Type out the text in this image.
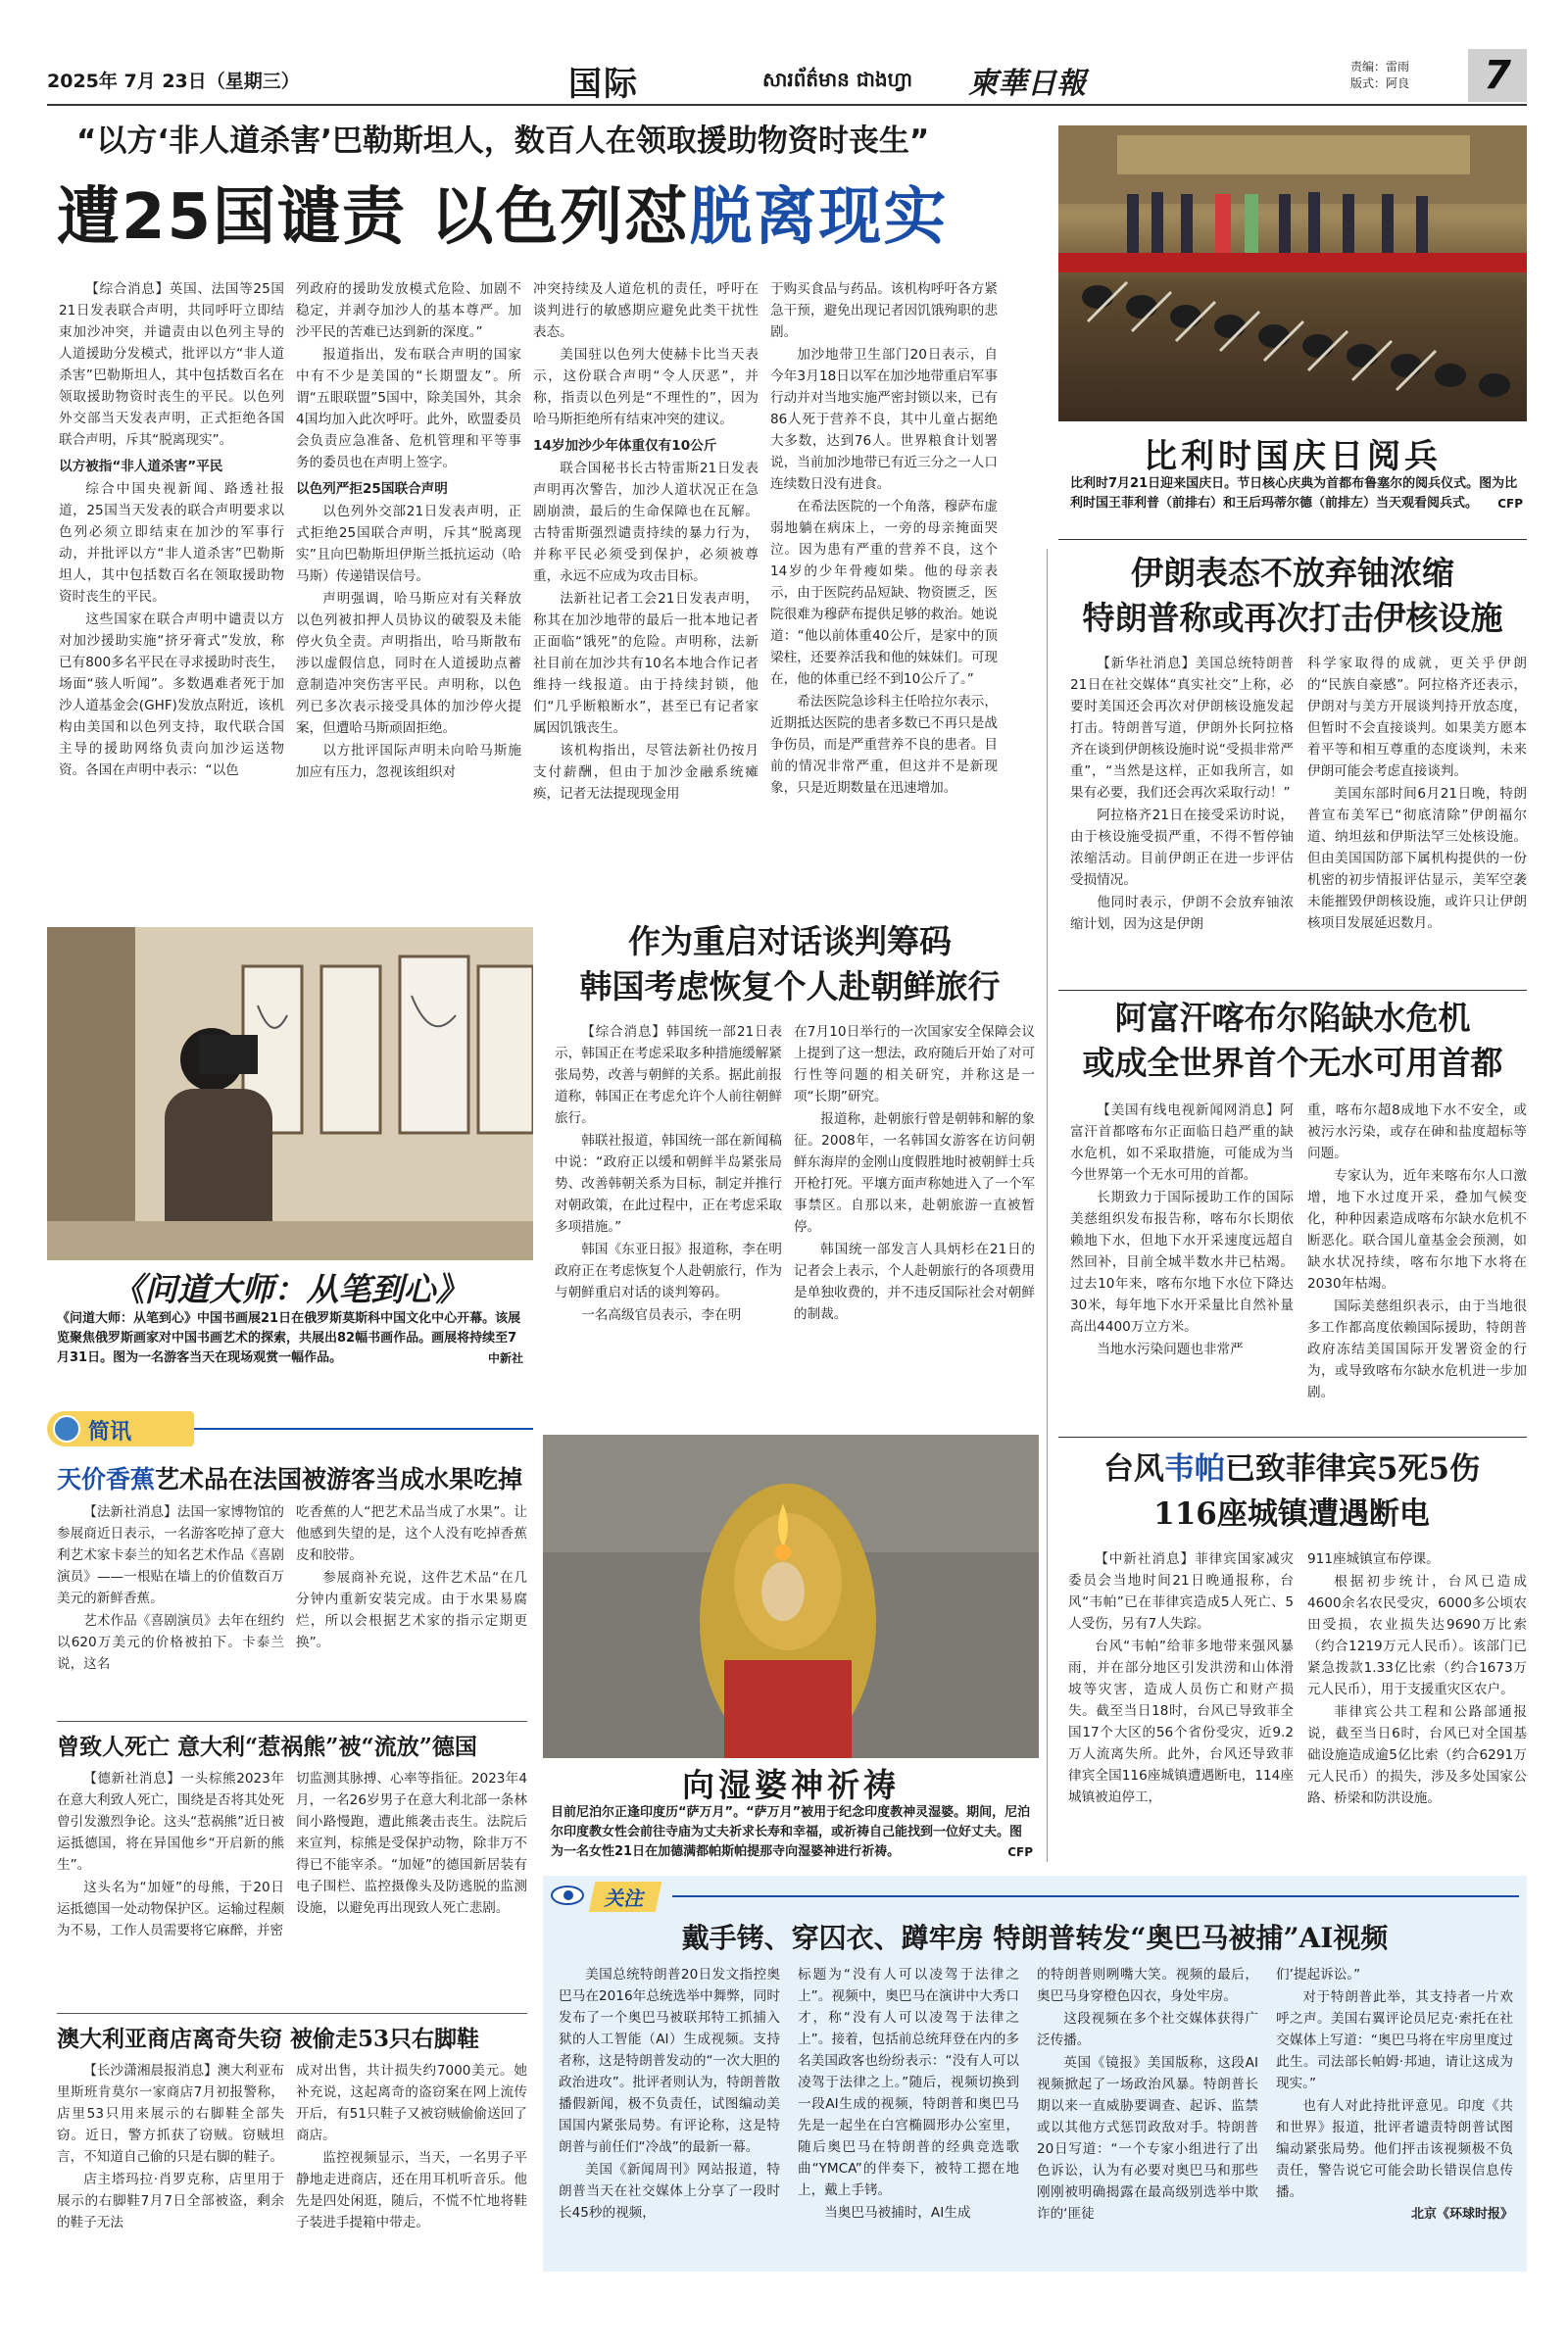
2025年 7月 23日（星期三）	国际	សារព័ត៌មាន ជាងហ្វា 柬華日報	责编：雷雨
版式：阿良	7
“以方‘非人道杀害’巴勒斯坦人，数百人在领取援助物资时丧生”
遭25国谴责 以色列怼脱离现实

【综合消息】英国、法国等25国21日发表联合声明，共同呼吁立即结束加沙冲突，并谴责由以色列主导的人道援助分发模式，批评以方“非人道杀害”巴勒斯坦人，其中包括数百名在领取援助物资时丧生的平民。以色列外交部当天发表声明，正式拒绝各国联合声明，斥其“脱离现实”。

以方被指“非人道杀害”平民

综合中国央视新闻、路透社报道，25国当天发表的联合声明要求以色列必须立即结束在加沙的军事行动，并批评以方“非人道杀害”巴勒斯坦人，其中包括数百名在领取援助物资时丧生的平民。

这些国家在联合声明中谴责以方对加沙援助实施“挤牙膏式”发放，称已有800多名平民在寻求援助时丧生，场面“骇人听闻”。多数遇难者死于加沙人道基金会(GHF)发放点附近，该机构由美国和以色列支持，取代联合国主导的援助网络负责向加沙运送物资。各国在声明中表示：“以色

列政府的援助发放模式危险、加剧不稳定，并剥夺加沙人的基本尊严。加沙平民的苦难已达到新的深度。”

报道指出，发布联合声明的国家中有不少是美国的“长期盟友”。所谓“五眼联盟”5国中，除美国外，其余4国均加入此次呼吁。此外，欧盟委员会负责应急准备、危机管理和平等事务的委员也在声明上签字。

以色列严拒25国联合声明

以色列外交部21日发表声明，正式拒绝25国联合声明，斥其“脱离现实”且向巴勒斯坦伊斯兰抵抗运动（哈马斯）传递错误信号。

声明强调，哈马斯应对有关释放以色列被扣押人员协议的破裂及未能停火负全责。声明指出，哈马斯散布涉以虚假信息，同时在人道援助点蓄意制造冲突伤害平民。声明称，以色列已多次表示接受具体的加沙停火提案，但遭哈马斯顽固拒绝。

以方批评国际声明未向哈马斯施加应有压力，忽视该组织对

冲突持续及人道危机的责任，呼吁在谈判进行的敏感期应避免此类干扰性表态。

美国驻以色列大使赫卡比当天表示，这份联合声明“令人厌恶”，并称，指责以色列是“不理性的”，因为哈马斯拒绝所有结束冲突的建议。

14岁加沙少年体重仅有10公斤

联合国秘书长古特雷斯21日发表声明再次警告，加沙人道状况正在急剧崩溃，最后的生命保障也在瓦解。古特雷斯强烈谴责持续的暴力行为，并称平民必须受到保护，必须被尊重，永远不应成为攻击目标。

法新社记者工会21日发表声明，称其在加沙地带的最后一批本地记者正面临“饿死”的危险。声明称，法新社目前在加沙共有10名本地合作记者维持一线报道。由于持续封锁，他们“几乎断粮断水”，甚至已有记者家属因饥饿丧生。

该机构指出，尽管法新社仍按月支付薪酬，但由于加沙金融系统瘫痪，记者无法提现现金用

于购买食品与药品。该机构呼吁各方紧急干预，避免出现记者因饥饿殉职的悲剧。

加沙地带卫生部门20日表示，自今年3月18日以军在加沙地带重启军事行动并对当地实施严密封锁以来，已有86人死于营养不良，其中儿童占据绝大多数，达到76人。世界粮食计划署说，当前加沙地带已有近三分之一人口连续数日没有进食。

在希法医院的一个角落，穆萨布虚弱地躺在病床上，一旁的母亲掩面哭泣。因为患有严重的营养不良，这个14岁的少年骨瘦如柴。他的母亲表示，由于医院药品短缺、物资匮乏，医院很难为穆萨布提供足够的救治。她说道：“他以前体重40公斤，是家中的顶梁柱，还要养活我和他的妹妹们。可现在，他的体重已经不到10公斤了。”

希法医院急诊科主任哈拉尔表示，近期抵达医院的患者多数已不再只是战争伤员，而是严重营养不良的患者。目前的情况非常严重，但这并不是新现象，只是近期数量在迅速增加。

比利时国庆日阅兵
比利时7月21日迎来国庆日。节日核心庆典为首都布鲁塞尔的阅兵仪式。图为比利时国王菲利普（前排右）和王后玛蒂尔德（前排左）当天观看阅兵式。 CFP
伊朗表态不放弃铀浓缩
特朗普称或再次打击伊核设施

【新华社消息】美国总统特朗普21日在社交媒体“真实社交”上称，必要时美国还会再次对伊朗核设施发起打击。特朗普写道，伊朗外长阿拉格齐在谈到伊朗核设施时说“受损非常严重”，“当然是这样，正如我所言，如果有必要，我们还会再次采取行动！”

阿拉格齐21日在接受采访时说，由于核设施受损严重，不得不暂停铀浓缩活动。目前伊朗正在进一步评估受损情况。

他同时表示，伊朗不会放弃铀浓缩计划，因为这是伊朗

科学家取得的成就，更关乎伊朗的“民族自豪感”。阿拉格齐还表示，伊朗对与美方开展谈判持开放态度，但暂时不会直接谈判。如果美方愿本着平等和相互尊重的态度谈判，未来伊朗可能会考虑直接谈判。

美国东部时间6月21日晚，特朗普宣布美军已“彻底清除”伊朗福尔道、纳坦兹和伊斯法罕三处核设施。但由美国国防部下属机构提供的一份机密的初步情报评估显示，美军空袭未能摧毁伊朗核设施，或许只让伊朗核项目发展延迟数月。

《问道大师：从笔到心》
《问道大师：从笔到心》中国书画展21日在俄罗斯莫斯科中国文化中心开幕。该展览聚焦俄罗斯画家对中国书画艺术的探索，共展出82幅书画作品。画展将持续至7月31日。图为一名游客当天在现场观赏一幅作品。	中新社
作为重启对话谈判筹码
韩国考虑恢复个人赴朝鲜旅行

【综合消息】韩国统一部21日表示，韩国正在考虑采取多种措施缓解紧张局势，改善与朝鲜的关系。据此前报道称，韩国正在考虑允许个人前往朝鲜旅行。

韩联社报道，韩国统一部在新闻稿中说：“政府正以缓和朝鲜半岛紧张局势、改善韩朝关系为目标，制定并推行对朝政策，在此过程中，正在考虑采取多项措施。”

韩国《东亚日报》报道称，李在明政府正在考虑恢复个人赴朝旅行，作为与朝鲜重启对话的谈判筹码。

一名高级官员表示，李在明

在7月10日举行的一次国家安全保障会议上提到了这一想法，政府随后开始了对可行性等问题的相关研究，并称这是一项“长期”研究。

报道称，赴朝旅行曾是朝韩和解的象征。2008年，一名韩国女游客在访问朝鲜东海岸的金刚山度假胜地时被朝鲜士兵开枪打死。平壤方面声称她进入了一个军事禁区。自那以来，赴朝旅游一直被暂停。

韩国统一部发言人具炳杉在21日的记者会上表示，个人赴朝旅行的各项费用是单独收费的，并不违反国际社会对朝鲜的制裁。

阿富汗喀布尔陷缺水危机
或成全世界首个无水可用首都

【美国有线电视新闻网消息】阿富汗首都喀布尔正面临日趋严重的缺水危机，如不采取措施，可能成为当今世界第一个无水可用的首都。

长期致力于国际援助工作的国际美慈组织发布报告称，喀布尔长期依赖地下水，但地下水开采速度远超自然回补，目前全城半数水井已枯竭。过去10年来，喀布尔地下水位下降达30米，每年地下水开采量比自然补量高出4400万立方米。

当地水污染问题也非常严

重，喀布尔超8成地下水不安全，或被污水污染，或存在砷和盐度超标等问题。

专家认为，近年来喀布尔人口激增，地下水过度开采，叠加气候变化，种种因素造成喀布尔缺水危机不断恶化。联合国儿童基金会预测，如缺水状况持续，喀布尔地下水将在2030年枯竭。

国际美慈组织表示，由于当地很多工作都高度依赖国际援助，特朗普政府冻结美国国际开发署资金的行为，或导致喀布尔缺水危机进一步加剧。

简讯
天价香蕉艺术品在法国被游客当成水果吃掉

【法新社消息】法国一家博物馆的参展商近日表示，一名游客吃掉了意大利艺术家卡泰兰的知名艺术作品《喜剧演员》——一根贴在墙上的价值数百万美元的新鲜香蕉。

艺术作品《喜剧演员》去年在纽约以620万美元的价格被拍下。卡泰兰说，这名

吃香蕉的人“把艺术品当成了水果”。让他感到失望的是，这个人没有吃掉香蕉皮和胶带。

参展商补充说，这件艺术品“在几分钟内重新安装完成。由于水果易腐烂，所以会根据艺术家的指示定期更换”。

曾致人死亡 意大利“惹祸熊”被“流放”德国

【德新社消息】一头棕熊2023年在意大利致人死亡，围绕是否将其处死曾引发激烈争论。这头“惹祸熊”近日被运抵德国，将在异国他乡“开启新的熊生”。

这头名为“加娅”的母熊，于20日运抵德国一处动物保护区。运输过程颇为不易，工作人员需要将它麻醉，并密

切监测其脉搏、心率等指征。2023年4月，一名26岁男子在意大利北部一条林间小路慢跑，遭此熊袭击丧生。法院后来宣判，棕熊是受保护动物，除非万不得已不能宰杀。“加娅”的德国新居装有电子围栏、监控摄像头及防逃脱的监测设施，以避免再出现致人死亡悲剧。

澳大利亚商店离奇失窃 被偷走53只右脚鞋

【长沙潇湘晨报消息】澳大利亚布里斯班肯莫尔一家商店7月初报警称，店里53只用来展示的右脚鞋全部失窃。近日，警方抓获了窃贼。窃贼坦言，不知道自己偷的只是右脚的鞋子。

店主塔玛拉·肖罗克称，店里用于展示的右脚鞋7月7日全部被盗，剩余的鞋子无法

成对出售，共计损失约7000美元。她补充说，这起离奇的盗窃案在网上流传开后，有51只鞋子又被窃贼偷偷送回了商店。

监控视频显示，当天，一名男子平静地走进商店，还在用耳机听音乐。他先是四处闲逛，随后，不慌不忙地将鞋子装进手提箱中带走。

向湿婆神祈祷
目前尼泊尔正逢印度历“萨万月”。“萨万月”被用于纪念印度教神灵湿婆。期间，尼泊尔印度教女性会前往寺庙为丈夫祈求长寿和幸福，或祈祷自己能找到一位好丈夫。图为一名女性21日在加德满都帕斯帕提那寺向湿婆神进行祈祷。	CFP
台风韦帕已致菲律宾5死5伤
116座城镇遭遇断电

【中新社消息】菲律宾国家减灾委员会当地时间21日晚通报称，台风“韦帕”已在菲律宾造成5人死亡、5人受伤，另有7人失踪。

台风“韦帕”给菲多地带来强风暴雨，并在部分地区引发洪涝和山体滑坡等灾害，造成人员伤亡和财产损失。截至当日18时，台风已导致菲全国17个大区的56个省份受灾，近9.2万人流离失所。此外，台风还导致菲律宾全国116座城镇遭遇断电，114座城镇被迫停工，

911座城镇宣布停课。

根据初步统计，台风已造成4600余名农民受灾，6000多公顷农田受损，农业损失达9690万比索（约合1219万元人民币）。该部门已紧急拨款1.33亿比索（约合1673万元人民币），用于支援重灾区农户。

菲律宾公共工程和公路部通报说，截至当日6时，台风已对全国基础设施造成逾5亿比索（约合6291万元人民币）的损失，涉及多处国家公路、桥梁和防洪设施。

关注
戴手铐、穿囚衣、蹲牢房 特朗普转发“奥巴马被捕”AI视频

美国总统特朗普20日发文指控奥巴马在2016年总统选举中舞弊，同时发布了一个奥巴马被联邦特工抓捕入狱的人工智能（AI）生成视频。支持者称，这是特朗普发动的“一次大胆的政治进攻”。批评者则认为，特朗普散播假新闻，极不负责任，试图编动美国国内紧张局势。有评论称，这是特朗普与前任们“冷战”的最新一幕。

美国《新闻周刊》网站报道，特朗普当天在社交媒体上分享了一段时长45秒的视频，

标题为“没有人可以凌驾于法律之上”。视频中，奥巴马在演讲中大秀口才，称“没有人可以凌驾于法律之上”。接着，包括前总统拜登在内的多名美国政客也纷纷表示：“没有人可以凌驾于法律之上。”随后，视频切换到一段AI生成的视频，特朗普和奥巴马先是一起坐在白宫椭圆形办公室里，随后奥巴马在特朗普的经典竞选歌曲“YMCA”的伴奏下，被特工摁在地上，戴上手铐。

当奥巴马被捕时，AI生成

的特朗普则咧嘴大笑。视频的最后，奥巴马身穿橙色囚衣，身处牢房。

这段视频在多个社交媒体获得广泛传播。

英国《镜报》美国版称，这段AI视频掀起了一场政治风暴。特朗普长期以来一直威胁要调查、起诉、监禁或以其他方式惩罚政敌对手。特朗普20日写道：“一个专家小组进行了出色诉讼，认为有必要对奥巴马和那些刚刚被明确揭露在最高级别选举中欺诈的‘匪徒

们’提起诉讼。”

对于特朗普此举，其支持者一片欢呼之声。美国右翼评论员尼克·索托在社交媒体上写道：“奥巴马将在牢房里度过此生。司法部长帕姆·邦迪，请让这成为现实。”

也有人对此持批评意见。印度《共和世界》报道，批评者谴责特朗普试图编动紧张局势。他们抨击该视频极不负责任，警告说它可能会助长错误信息传播。

北京《环球时报》
